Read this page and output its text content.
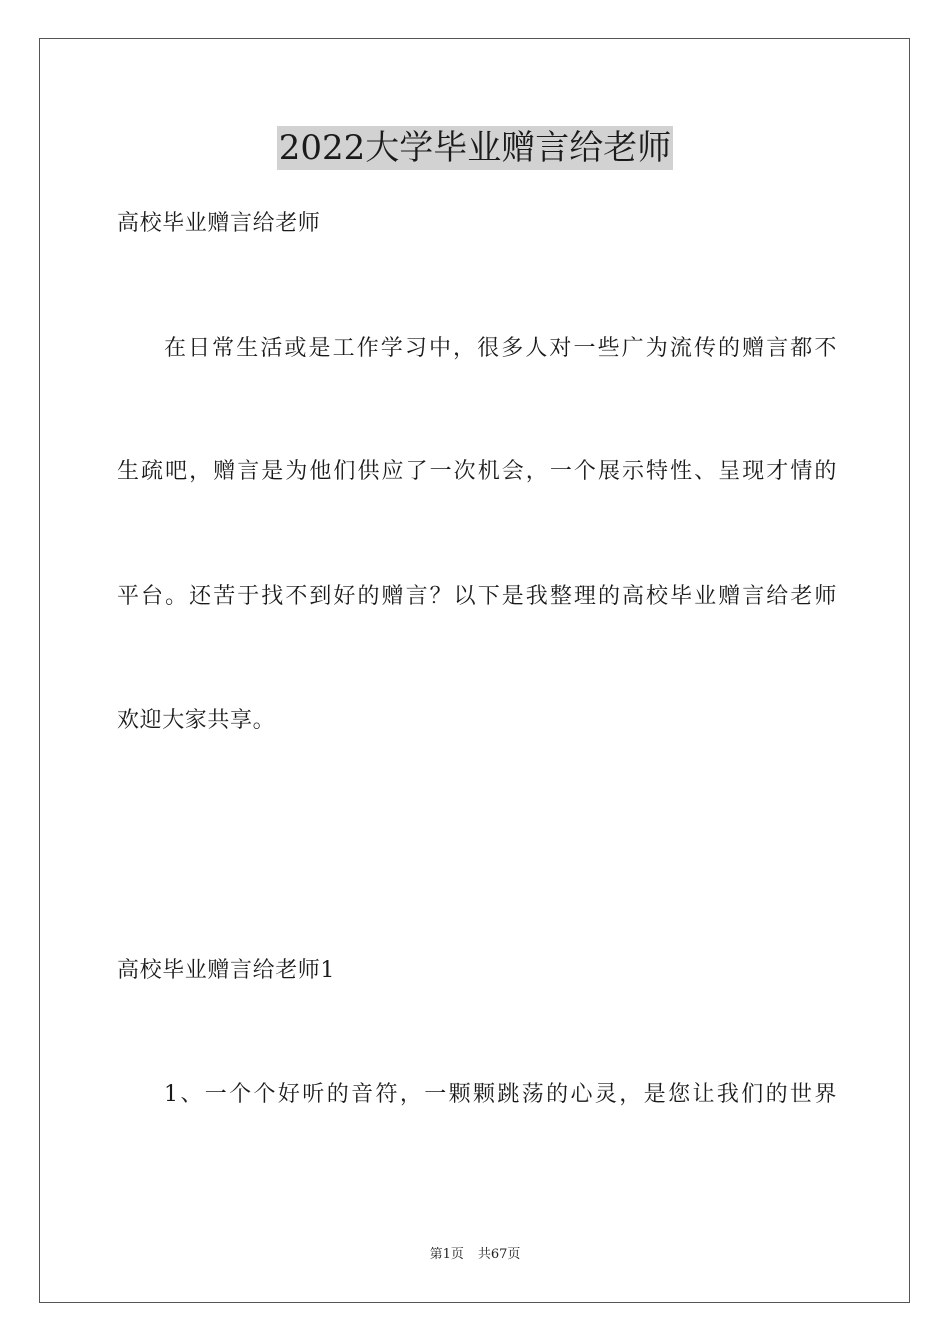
2022大学毕业赠言给老师
高校毕业赠言给老师
在日常生活或是工作学习中，很多人对一些广为流传的赠言都不
生疏吧，赠言是为他们供应了一次机会，一个展示特性、呈现才情的
平台。还苦于找不到好的赠言？以下是我整理的高校毕业赠言给老师
欢迎大家共享。
高校毕业赠言给老师1
1、一个个好听的音符，一颗颗跳荡的心灵，是您让我们的世界
第1页 共67页
